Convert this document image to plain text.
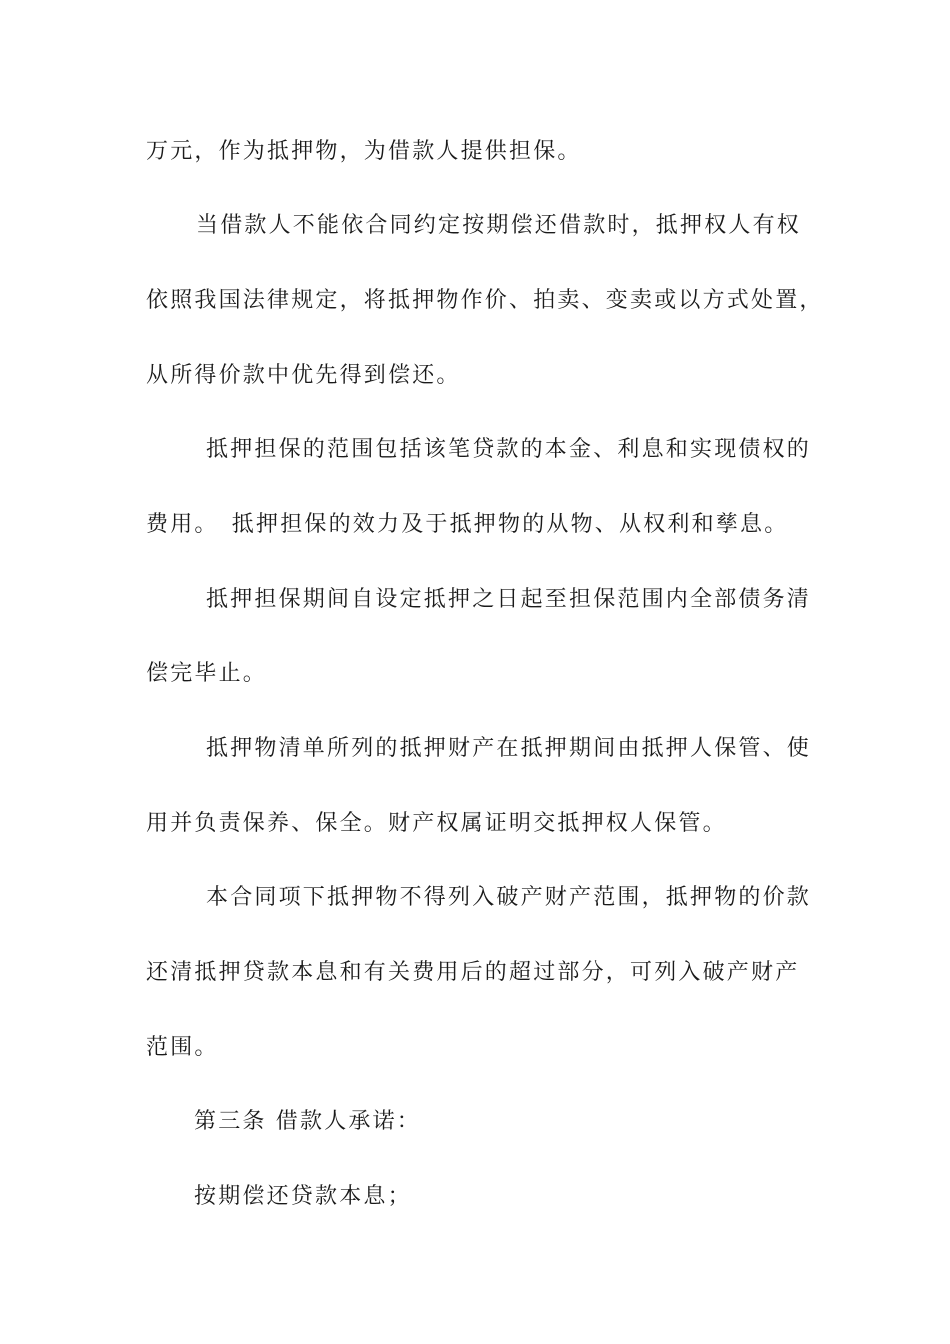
万元，作为抵押物，为借款人提供担保。
当借款人不能依合同约定按期偿还借款时，抵押权人有权
依照我国法律规定，将抵押物作价、拍卖、变卖或以方式处置，
从所得价款中优先得到偿还。
抵押担保的范围包括该笔贷款的本金、利息和实现债权的
费用。　抵押担保的效力及于抵押物的从物、从权利和孳息。
抵押担保期间自设定抵押之日起至担保范围内全部债务清
偿完毕止。
抵押物清单所列的抵押财产在抵押期间由抵押人保管、使
用并负责保养、保全。财产权属证明交抵押权人保管。
本合同项下抵押物不得列入破产财产范围，抵押物的价款
还清抵押贷款本息和有关费用后的超过部分，可列入破产财产
范围。
第三条 借款人承诺：
按期偿还贷款本息；
